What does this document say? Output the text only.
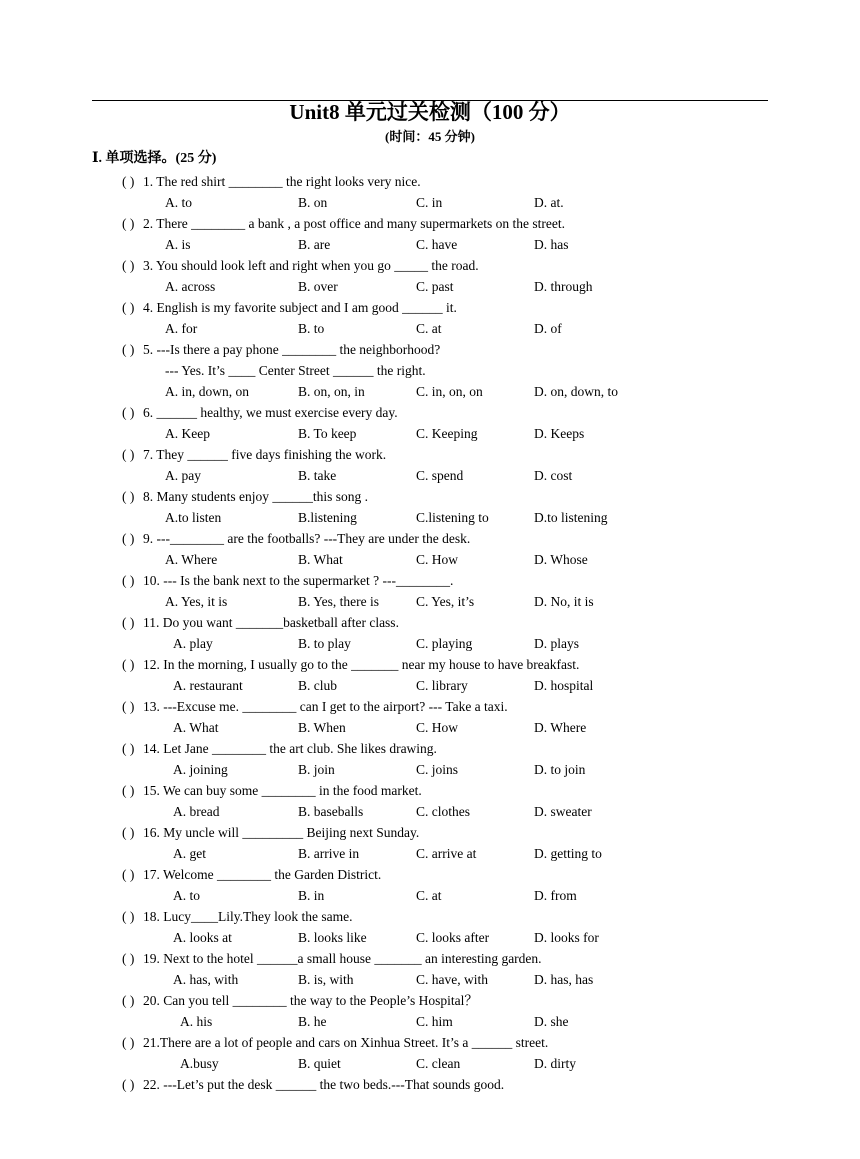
Unit8 单元过关检测（100 分）
(时间：45 分钟)
Ⅰ. 单项选择。(25 分)
( ) 1. The red shirt ________ the right looks very nice.
A. to	B. on	C. in	D. at.
( ) 2. There ________ a bank , a post office and many supermarkets on the street.
A. is	B. are	C. have	D. has
( ) 3. You should look left and right when you go _____ the road.
A. across	B. over	C. past	D. through
( ) 4. English is my favorite subject and I am good ______ it.
A. for	B. to	C. at	D. of
( ) 5. ---Is there a pay phone ________ the neighborhood?
--- Yes. It’s ____ Center Street ______ the right.
A. in, down, on	B. on, on, in	C. in, on, on	D. on, down, to
( ) 6. ______ healthy, we must exercise every day.
A. Keep	B. To keep	C. Keeping	D. Keeps
( ) 7. They ______ five days finishing the work.
A. pay	B. take	C. spend	D. cost
( ) 8. Many students enjoy ______this song .
A.to listen	B.listening	C.listening to	D.to listening
( ) 9. ---________ are the footballs? ---They are under the desk.
A. Where	B. What	C. How	D. Whose
( ) 10. --- Is the bank next to the supermarket ? ---________.
A. Yes, it is	B. Yes, there is	C. Yes, it’s	D. No, it is
( ) 11. Do you want _______basketball after class.
A. play	B. to play	C. playing	D. plays
( ) 12. In the morning, I usually go to the _______ near my house to have breakfast.
A. restaurant	B. club	C. library	D. hospital
( ) 13. ---Excuse me. ________ can I get to the airport? --- Take a taxi.
A. What	B. When	C. How	D. Where
( ) 14. Let Jane ________ the art club. She likes drawing.
A. joining	B. join	C. joins	D. to join
( ) 15. We can buy some ________ in the food market.
A. bread	B. baseballs	C. clothes	D. sweater
( ) 16. My uncle will _________ Beijing next Sunday.
A. get	B. arrive in	C. arrive at	D. getting to
( ) 17. Welcome ________ the Garden District.
A. to	B. in	C. at	D. from
( ) 18. Lucy____Lily.They look the same.
A. looks at	B. looks like	C. looks after	D. looks for
( ) 19. Next to the hotel ______a small house _______ an interesting garden.
A. has, with	B. is, with	C. have, with	D. has, has
( ) 20. Can you tell ________ the way to the People’s Hospital？
A. his	B. he	C. him	D. she
( ) 21.There are a lot of people and cars on Xinhua Street. It’s a ______ street.
A.busy	B. quiet	C. clean	D. dirty
( ) 22. ---Let’s put the desk ______ the two beds.---That sounds good.
